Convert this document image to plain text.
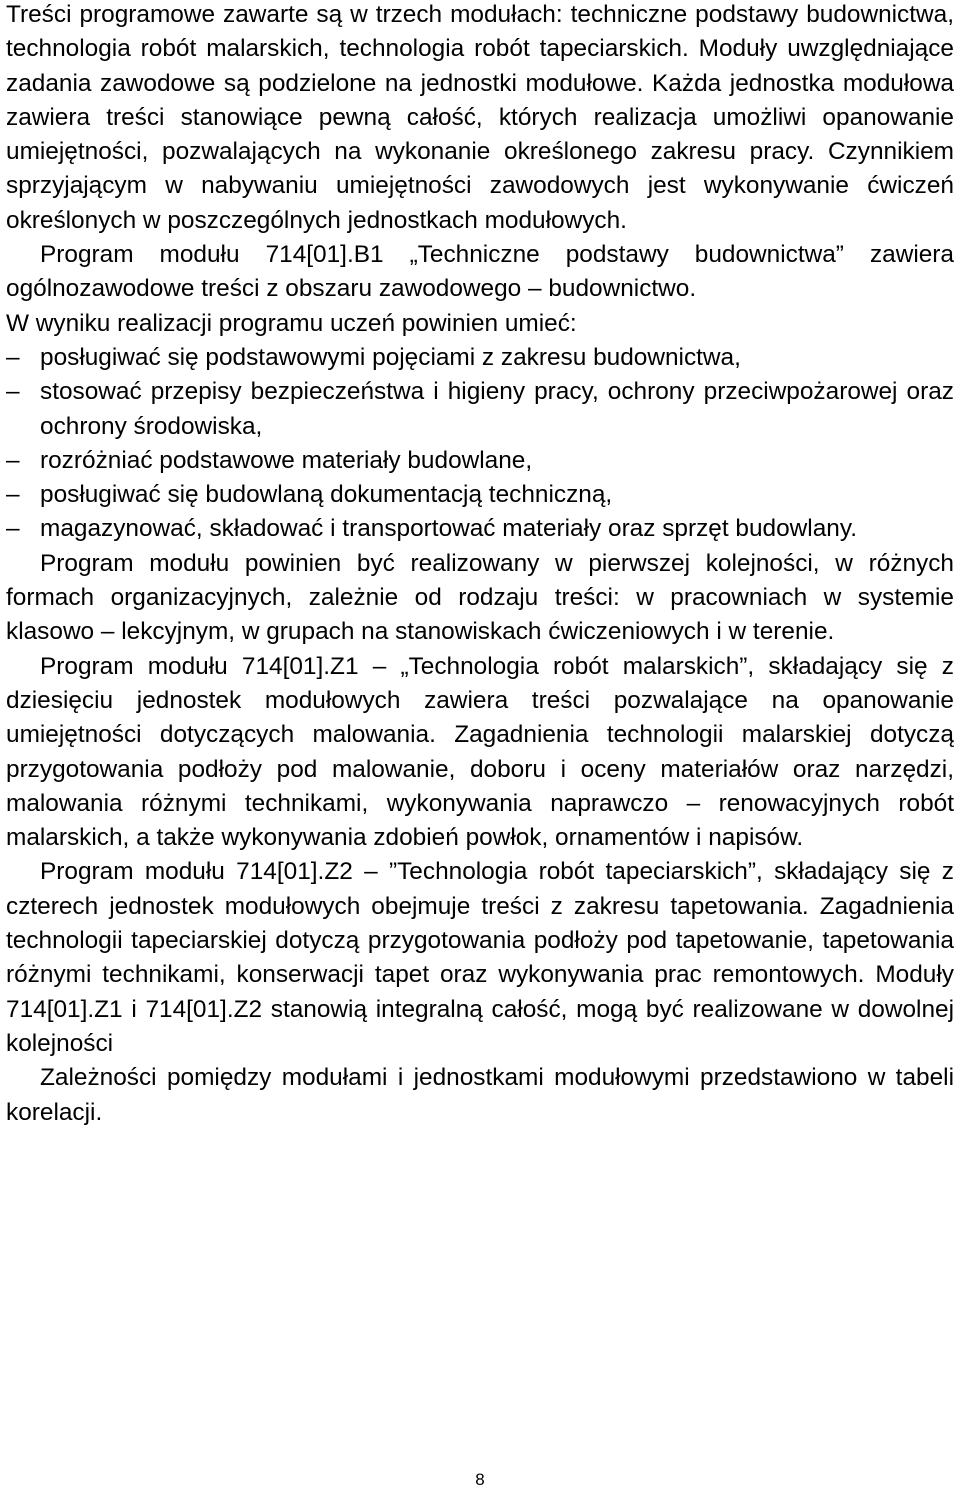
Treści programowe zawarte są w trzech modułach: techniczne podstawy budownictwa, technologia robót malarskich, technologia robót tapeciarskich. Moduły uwzględniające zadania zawodowe są podzielone na jednostki modułowe. Każda jednostka modułowa zawiera treści stanowiące pewną całość, których realizacja umożliwi opanowanie umiejętności, pozwalających na wykonanie określonego zakresu pracy. Czynnikiem sprzyjającym w nabywaniu umiejętności zawodowych jest wykonywanie ćwiczeń określonych w poszczególnych jednostkach modułowych.

Program modułu 714[01].B1 „Techniczne podstawy budownictwa” zawiera ogólnozawodowe treści z obszaru zawodowego – budownictwo.

W wyniku realizacji programu uczeń powinien umieć:

– posługiwać się podstawowymi pojęciami z zakresu budownictwa,
– stosować przepisy bezpieczeństwa i higieny pracy, ochrony przeciwpożarowej oraz ochrony środowiska,
– rozróżniać podstawowe materiały budowlane,
– posługiwać się budowlaną dokumentacją techniczną,
– magazynować, składować i transportować materiały oraz sprzęt budowlany.

Program modułu powinien być realizowany w pierwszej kolejności, w różnych formach organizacyjnych, zależnie od rodzaju treści: w pracowniach w systemie klasowo – lekcyjnym, w grupach na stanowiskach ćwiczeniowych i w terenie.

Program modułu 714[01].Z1 – „Technologia robót malarskich”, składający się z dziesięciu jednostek modułowych zawiera treści pozwalające na opanowanie umiejętności dotyczących malowania. Zagadnienia technologii malarskiej dotyczą przygotowania podłoży pod malowanie, doboru i oceny materiałów oraz narzędzi, malowania różnymi technikami, wykonywania naprawczo – renowacyjnych robót malarskich, a także wykonywania zdobień powłok, ornamentów i napisów.

Program modułu 714[01].Z2 – ”Technologia robót tapeciarskich”, składający się z czterech jednostek modułowych obejmuje treści z zakresu tapetowania. Zagadnienia technologii tapeciarskiej dotyczą przygotowania podłoży pod tapetowanie, tapetowania różnymi technikami, konserwacji tapet oraz wykonywania prac remontowych. Moduły 714[01].Z1 i 714[01].Z2 stanowią integralną całość, mogą być realizowane w dowolnej kolejności

Zależności pomiędzy modułami i jednostkami modułowymi przedstawiono w tabeli korelacji.

8
